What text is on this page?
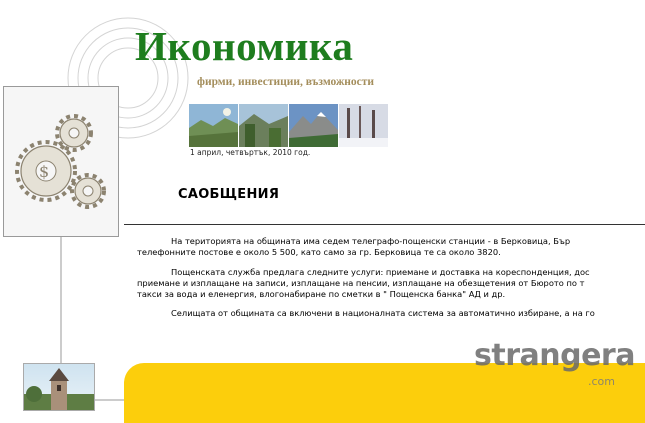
Икономика
фирми, инвестиции, възможности
1 април, четвъртък, 2010 год.
$
САОБЩЕНИЯ

На територията на общината има седем телеграфо-пощенски станции - в Берковица, Бър
телефонните постове е около 5 500, като само за гр. Берковица те са около 3820.

Пощенската служба предлага следните услуги: приемане и доставка на кореспонденция, дос
приемане и изплащане на записи, изплащане на пенсии, изплащане на обезщетения от Бюрото по т
такси за вода и еленергия, влогонабиране по сметки в " Пощенска банка" АД и др.

Селищата от общината са включени в националната система за автоматично избиране, а на го

strangera
.com
